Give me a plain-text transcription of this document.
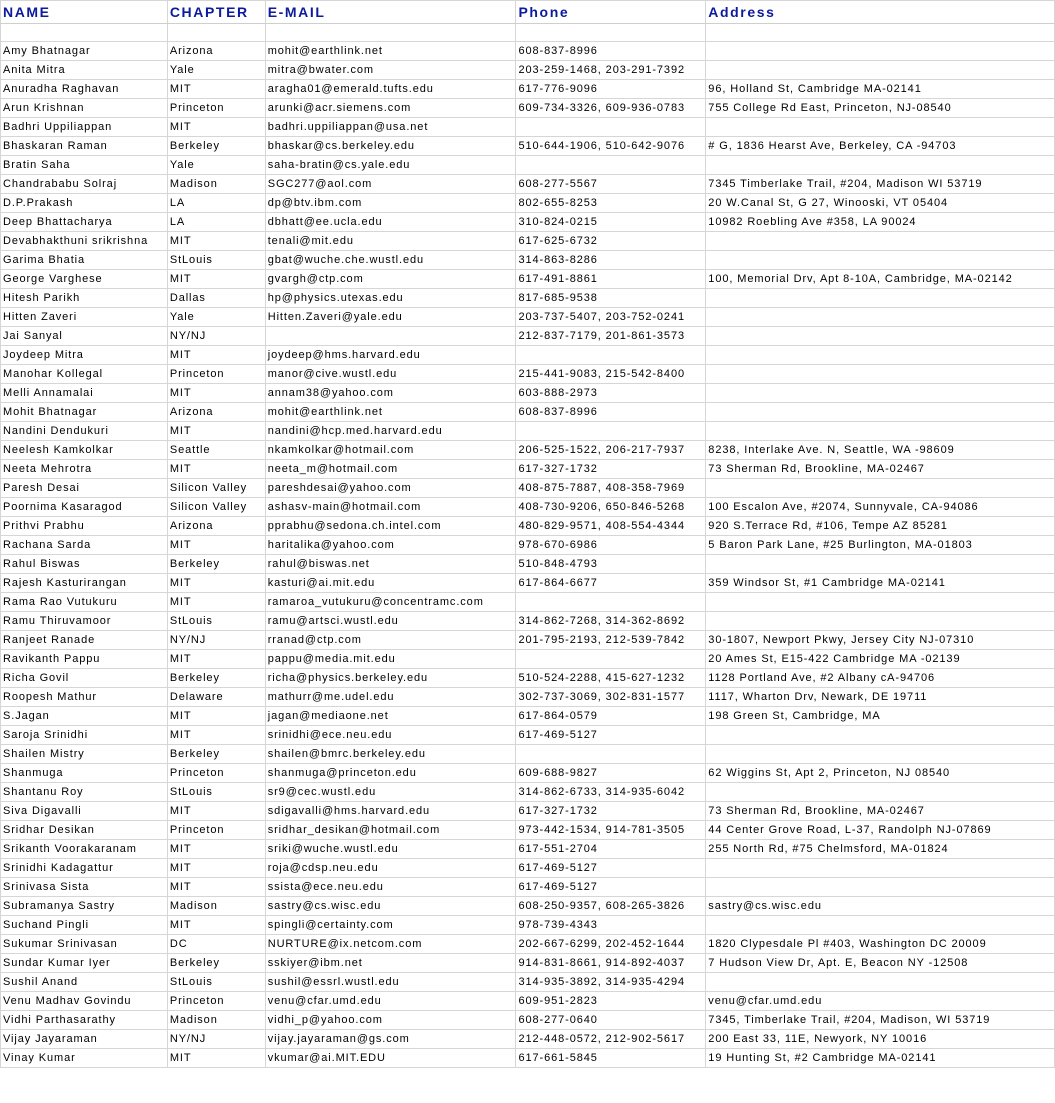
NAME	CHAPTER	E-MAIL	Phone	Address

Amy Bhatnagar	Arizona	mohit@earthlink.net	608-837-8996	
Anita Mitra	Yale	mitra@bwater.com	203-259-1468, 203-291-7392	
Anuradha Raghavan	MIT	aragha01@emerald.tufts.edu	617-776-9096	96, Holland St, Cambridge MA-02141
Arun Krishnan	Princeton	arunki@acr.siemens.com	609-734-3326, 609-936-0783	755 College Rd East, Princeton, NJ-08540
Badhri Uppiliappan	MIT	badhri.uppiliappan@usa.net		
Bhaskaran Raman	Berkeley	bhaskar@cs.berkeley.edu	510-644-1906, 510-642-9076	# G, 1836 Hearst Ave, Berkeley, CA -94703
Bratin Saha	Yale	saha-bratin@cs.yale.edu		
Chandrababu Solraj	Madison	SGC277@aol.com	608-277-5567	7345 Timberlake Trail, #204, Madison WI 53719
D.P.Prakash	LA	dp@btv.ibm.com	802-655-8253	20 W.Canal St, G 27, Winooski, VT 05404
Deep Bhattacharya	LA	dbhatt@ee.ucla.edu	310-824-0215	10982 Roebling Ave #358, LA 90024
Devabhakthuni srikrishna	MIT	tenali@mit.edu	617-625-6732	
Garima Bhatia	StLouis	gbat@wuche.che.wustl.edu	314-863-8286	
George Varghese	MIT	gvargh@ctp.com	617-491-8861	100, Memorial Drv, Apt 8-10A, Cambridge, MA-02142
Hitesh Parikh	Dallas	hp@physics.utexas.edu	817-685-9538	
Hitten Zaveri	Yale	Hitten.Zaveri@yale.edu	203-737-5407, 203-752-0241	
Jai Sanyal	NY/NJ		212-837-7179, 201-861-3573	
Joydeep Mitra	MIT	joydeep@hms.harvard.edu		
Manohar Kollegal	Princeton	manor@cive.wustl.edu	215-441-9083, 215-542-8400	
Melli Annamalai	MIT	annam38@yahoo.com	603-888-2973	
Mohit Bhatnagar	Arizona	mohit@earthlink.net	608-837-8996	
Nandini Dendukuri	MIT	nandini@hcp.med.harvard.edu		
Neelesh Kamkolkar	Seattle	nkamkolkar@hotmail.com	206-525-1522, 206-217-7937	8238, Interlake Ave. N, Seattle, WA -98609
Neeta Mehrotra	MIT	neeta_m@hotmail.com	617-327-1732	73 Sherman Rd, Brookline, MA-02467
Paresh Desai	Silicon Valley	pareshdesai@yahoo.com	408-875-7887, 408-358-7969	
Poornima Kasaragod	Silicon Valley	ashasv-main@hotmail.com	408-730-9206, 650-846-5268	100 Escalon Ave, #2074, Sunnyvale, CA-94086
Prithvi Prabhu	Arizona	pprabhu@sedona.ch.intel.com	480-829-9571, 408-554-4344	920 S.Terrace Rd, #106, Tempe AZ 85281
Rachana Sarda	MIT	haritalika@yahoo.com	978-670-6986	5 Baron Park Lane, #25 Burlington, MA-01803
Rahul Biswas	Berkeley	rahul@biswas.net	510-848-4793	
Rajesh Kasturirangan	MIT	kasturi@ai.mit.edu	617-864-6677	359 Windsor St, #1 Cambridge MA-02141
Rama Rao Vutukuru	MIT	ramaroa_vutukuru@concentramc.com		
Ramu Thiruvamoor	StLouis	ramu@artsci.wustl.edu	314-862-7268, 314-362-8692	
Ranjeet Ranade	NY/NJ	rranad@ctp.com	201-795-2193, 212-539-7842	30-1807, Newport Pkwy, Jersey City NJ-07310
Ravikanth Pappu	MIT	pappu@media.mit.edu		20 Ames St, E15-422 Cambridge MA -02139
Richa Govil	Berkeley	richa@physics.berkeley.edu	510-524-2288, 415-627-1232	1128 Portland Ave, #2 Albany cA-94706
Roopesh Mathur	Delaware	mathurr@me.udel.edu	302-737-3069, 302-831-1577	1117, Wharton Drv, Newark, DE 19711
S.Jagan	MIT	jagan@mediaone.net	617-864-0579	198 Green St, Cambridge, MA
Saroja Srinidhi	MIT	srinidhi@ece.neu.edu	617-469-5127	
Shailen Mistry	Berkeley	shailen@bmrc.berkeley.edu		
Shanmuga	Princeton	shanmuga@princeton.edu	609-688-9827	62 Wiggins St, Apt 2, Princeton, NJ 08540
Shantanu Roy	StLouis	sr9@cec.wustl.edu	314-862-6733, 314-935-6042	
Siva Digavalli	MIT	sdigavalli@hms.harvard.edu	617-327-1732	73 Sherman Rd, Brookline, MA-02467
Sridhar Desikan	Princeton	sridhar_desikan@hotmail.com	973-442-1534, 914-781-3505	44 Center Grove Road, L-37, Randolph NJ-07869
Srikanth Voorakaranam	MIT	sriki@wuche.wustl.edu	617-551-2704	255 North Rd, #75 Chelmsford, MA-01824
Srinidhi Kadagattur	MIT	roja@cdsp.neu.edu	617-469-5127	
Srinivasa Sista	MIT	ssista@ece.neu.edu	617-469-5127	
Subramanya Sastry	Madison	sastry@cs.wisc.edu	608-250-9357, 608-265-3826	sastry@cs.wisc.edu
Suchand Pingli	MIT	spingli@certainty.com	978-739-4343	
Sukumar Srinivasan	DC	NURTURE@ix.netcom.com	202-667-6299, 202-452-1644	1820 Clypesdale Pl #403, Washington DC 20009
Sundar Kumar Iyer	Berkeley	sskiyer@ibm.net	914-831-8661, 914-892-4037	7 Hudson View Dr, Apt. E, Beacon NY -12508
Sushil Anand	StLouis	sushil@essrl.wustl.edu	314-935-3892, 314-935-4294	
Venu Madhav Govindu	Princeton	venu@cfar.umd.edu	609-951-2823	venu@cfar.umd.edu
Vidhi Parthasarathy	Madison	vidhi_p@yahoo.com	608-277-0640	7345, Timberlake Trail, #204, Madison, WI 53719
Vijay Jayaraman	NY/NJ	vijay.jayaraman@gs.com	212-448-0572, 212-902-5617	200 East 33, 11E, Newyork, NY 10016
Vinay Kumar	MIT	vkumar@ai.MIT.EDU	617-661-5845	19 Hunting St, #2 Cambridge MA-02141
